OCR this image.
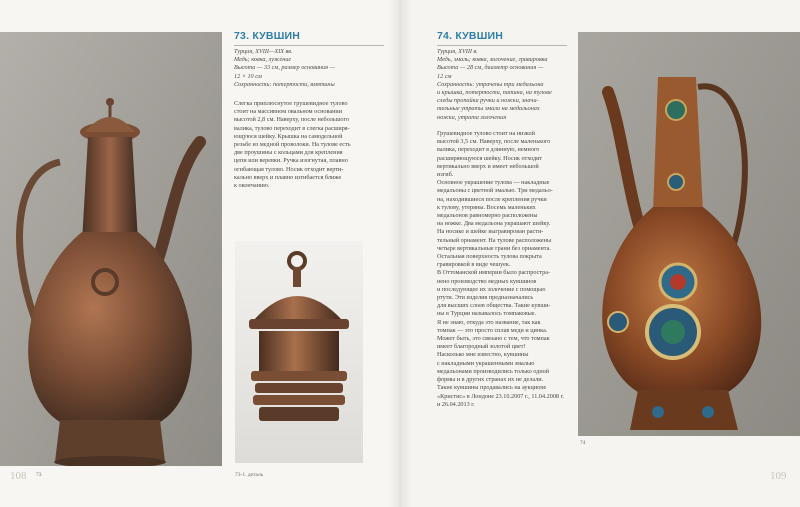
73. КУВШИН
Турция, XVIII—XIX вв.
Медь; ковка, лужение
Высота — 33 см, размер основания —
12 × 10 см
Сохранность: потертости, вмятины
Слегка приплюснутое грушевидное тулово
стоит на массивном овальном основании
высотой 2,8 см. Наверху, после небольшого
валика, тулово переходит в слегка расширя-
ющуюся шейку. Крышка на самодельной
резьбе из медной проволоки. На тулове есть
две проушины с кольцами для крепления
цепи или веревки. Ручка изогнутая, плавно
огибающая тулово. Носик отходит верти-
кально вверх и плавно изгибается ближе
к окончанию.
74. КУВШИН
Турция, XVIII в.
Медь, эмаль; ковка, золочение, гравировка
Высота — 28 см, диаметр основания —
12 см
Сохранность: утрачены три медальона
и крышка, потертости, патина, на тулове
следы пропайки ручки и ножки, значи-
тельные утраты эмали на медальонах
ножки, утрата золочения
Грушевидное тулово стоит на низкой
высотой 3,5 см. Наверху, после маленького
валика, переходит в длинную, немного
расширяющуюся шейку. Носик отходит
вертикально вверх и имеет небольшой
изгиб.
Основное украшение тулова — накладные
медальоны с цветной эмалью. Три медальо-
на, находившиеся после крепления ручки
к тулову, утеряны. Восемь маленьких
медальонов равномерно расположены
на ножке. Два медальона украшают шейку.
На носике и шейке выгравирован расти-
тельный орнамент. На тулове расположены
четыре вертикальные грани без орнамента.
Остальная поверхность тулова покрыта
гравировкой в виде чешуек.
В Оттоманской империи было распростра-
нено производство медных кувшинов
и последующее их золочение с помощью
ртути. Эти изделия предназначались
для высших слоев общества. Такие кувши-
ны в Турции называлось томпаковые.
Я не знаю, откуда это название, так как
томпак — это просто сплав меди и цинка.
Может быть, это связано с тем, что томпак
имеет благородный золотой цвет!
Насколько мне известно, кувшины
с накладными украшенными эмалью
медальонами производились только одной
формы и в других странах их не делали.
Такие кувшины продавались на аукционе
«Кристис» в Лондоне 23.10.2007 г., 11.04.2008 г.
и 26.04.2013 г.
108 73	73-1. деталь
74
109
